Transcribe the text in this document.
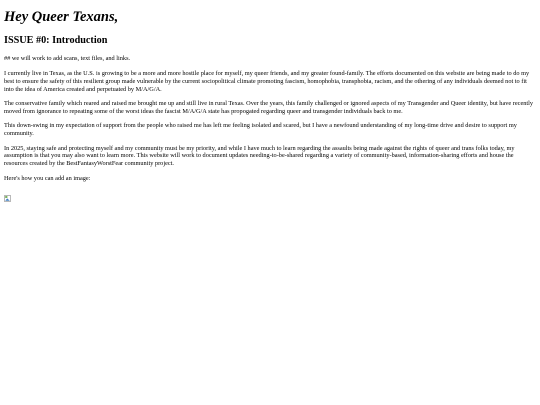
Hey Queer Texans,
ISSUE #0: Introduction

## we will work to add scans, text files, and links.

I currently live in Texas, as the U.S. is growing to be a more and more hostile place for myself, my queer friends, and my greater found-family. The efforts documented on this website are being made to do my best to ensure the safety of this resilient group made vulnerable by the current sociopolitical climate promoting fascism, homophobia, transphobia, racism, and the othering of any individuals deemed not to fit into the idea of America created and perpetuated by M/A/G/A.

The conservative family which reared and raised me brought me up and still live in rural Texas. Over the years, this family challenged or ignored aspects of my Transgender and Queer identity, but have recently moved from ignorance to repeating some of the worst ideas the fascist M/A/G/A state has propogated regarding queer and transgender individuals back to me.

This down-swing in my expectation of support from the people who raised me has left me feeling isolated and scared, but I have a newfound understanding of my long-time drive and desire to support my community.

In 2025, staying safe and protecting myself and my community must be my priority, and while I have much to learn regarding the assaults being made against the rights of queer and trans folks today, my assumption is that you may also want to learn more. This website will work to document updates needing-to-be-shared regarding a variety of community-based, information-sharing efforts and house the resources created by the BestFantasyWorstFear community project.

Here's how you can add an image:
